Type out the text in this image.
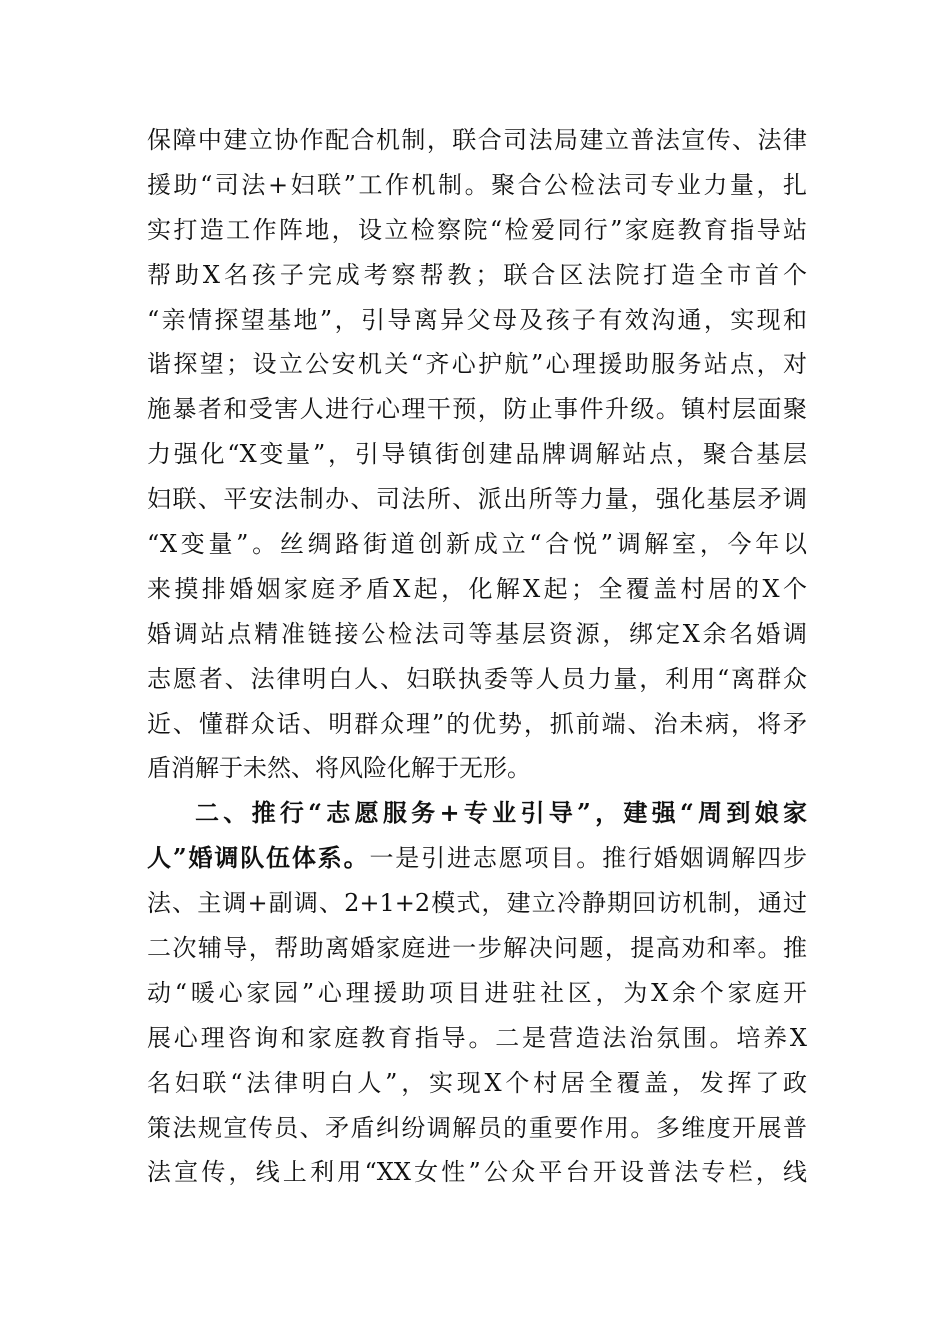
保障中建立协作配合机制，联合司法局建立普法宣传、法律
援助“司法+妇联”工作机制。聚合公检法司专业力量，扎
实打造工作阵地，设立检察院“检爱同行”家庭教育指导站
帮助X名孩子完成考察帮教；联合区法院打造全市首个
“亲情探望基地”，引导离异父母及孩子有效沟通，实现和
谐探望；设立公安机关“齐心护航”心理援助服务站点，对
施暴者和受害人进行心理干预，防止事件升级。镇村层面聚
力强化“X变量”，引导镇街创建品牌调解站点，聚合基层
妇联、平安法制办、司法所、派出所等力量，强化基层矛调
“X变量”。丝绸路街道创新成立“合悦”调解室，今年以
来摸排婚姻家庭矛盾X起，化解X起；全覆盖村居的X个
婚调站点精准链接公检法司等基层资源，绑定X余名婚调
志愿者、法律明白人、妇联执委等人员力量，利用“离群众
近、懂群众话、明群众理”的优势，抓前端、治未病，将矛
盾消解于未然、将风险化解于无形。
二、推行“志愿服务+专业引导”，建强“周到娘家
人”婚调队伍体系。一是引进志愿项目。推行婚姻调解四步
法、主调+副调、2+1+2模式，建立冷静期回访机制，通过
二次辅导，帮助离婚家庭进一步解决问题，提高劝和率。推
动“暖心家园”心理援助项目进驻社区，为X余个家庭开
展心理咨询和家庭教育指导。二是营造法治氛围。培养X
名妇联“法律明白人”，实现X个村居全覆盖，发挥了政
策法规宣传员、矛盾纠纷调解员的重要作用。多维度开展普
法宣传，线上利用“XX女性”公众平台开设普法专栏，线
